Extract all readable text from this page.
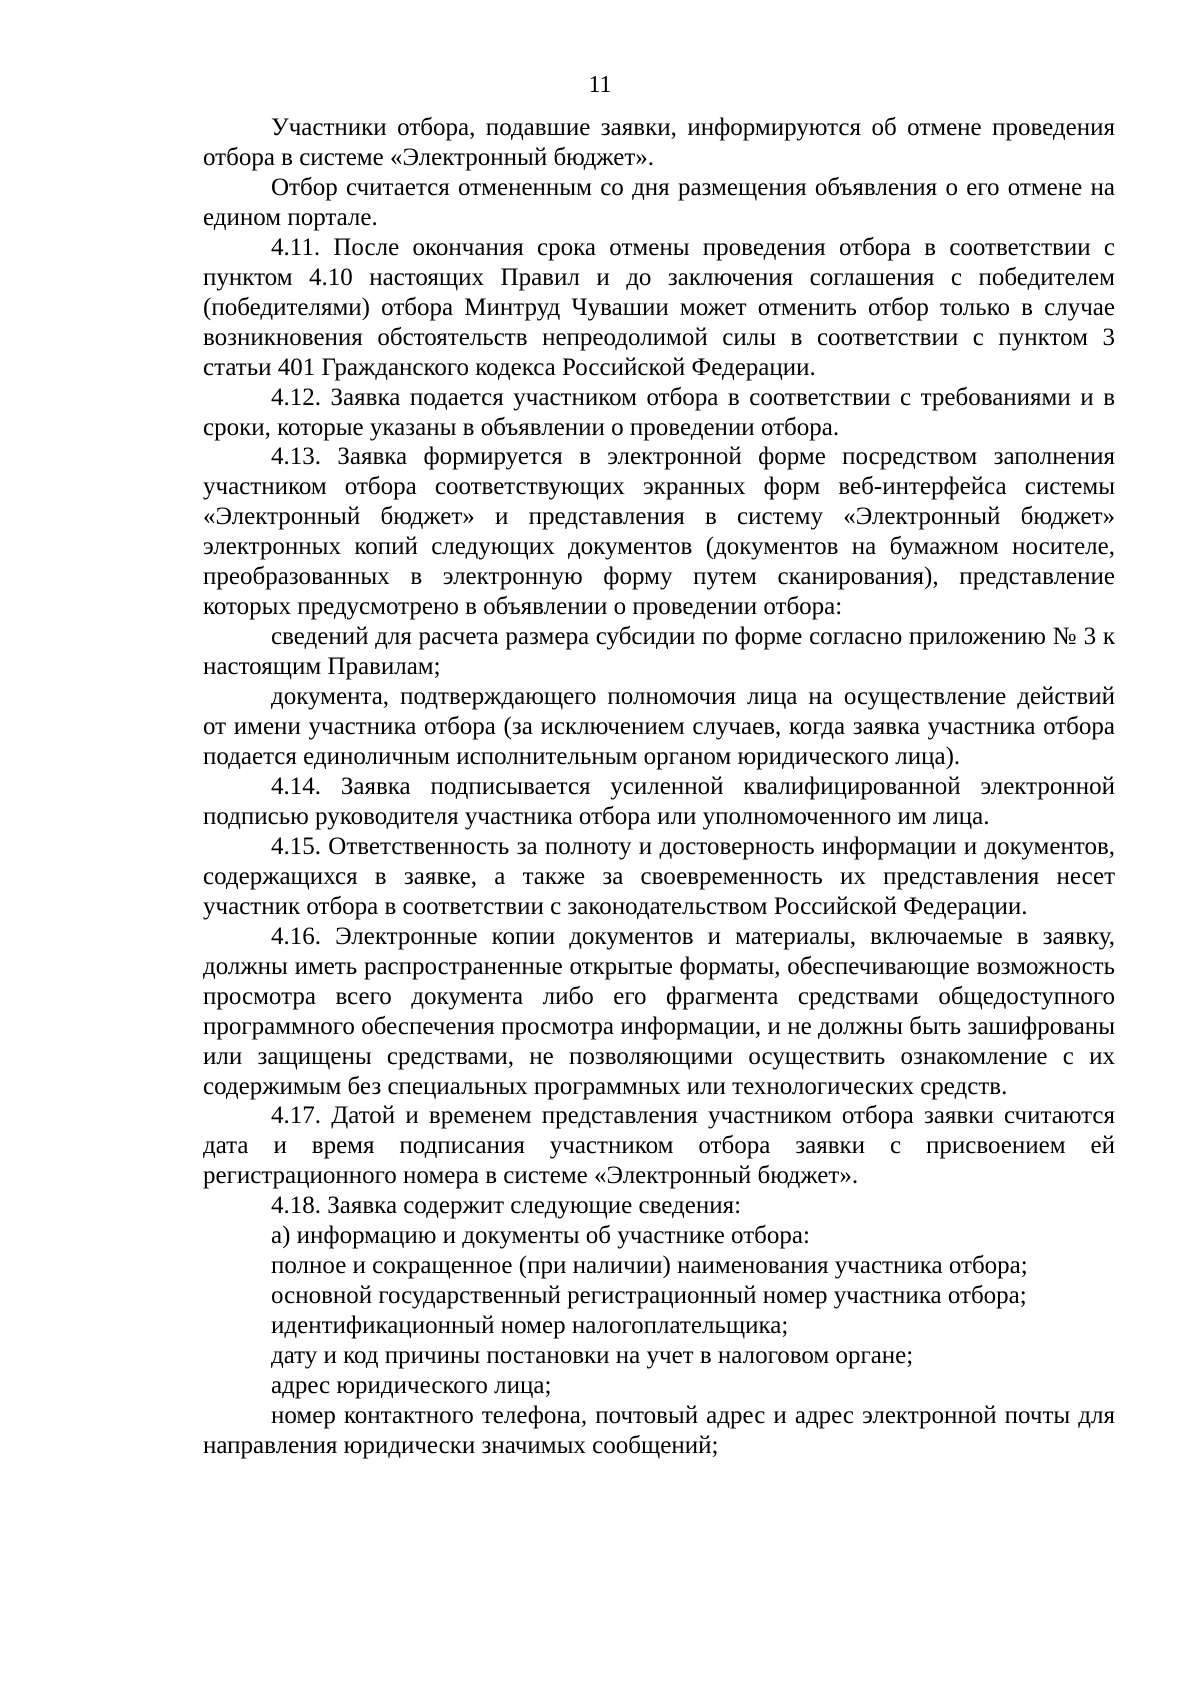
11

Участники отбора, подавшие заявки, информируются об отмене проведения отбора в системе «Электронный бюджет».

Отбор считается отмененным со дня размещения объявления о его отмене на едином портале.

4.11. После окончания срока отмены проведения отбора в соответствии с пунктом 4.10 настоящих Правил и до заключения соглашения с победителем (победителями) отбора Минтруд Чувашии может отменить отбор только в случае возникновения обстоятельств непреодолимой силы в соответствии с пунктом 3 статьи 401 Гражданского кодекса Российской Федерации.

4.12. Заявка подается участником отбора в соответствии с требованиями и в сроки, которые указаны в объявлении о проведении отбора.

4.13. Заявка формируется в электронной форме посредством заполнения участником отбора соответствующих экранных форм веб-интерфейса системы «Электронный бюджет» и представления в систему «Электронный бюджет» электронных копий следующих документов (документов на бумажном носителе, преобразованных в электронную форму путем сканирования), представление которых предусмотрено в объявлении о проведении отбора:

сведений для расчета размера субсидии по форме согласно приложению № 3 к настоящим Правилам;

документа, подтверждающего полномочия лица на осуществление действий от имени участника отбора (за исключением случаев, когда заявка участника отбора подается единоличным исполнительным органом юридического лица).

4.14. Заявка подписывается усиленной квалифицированной электронной подписью руководителя участника отбора или уполномоченного им лица.

4.15. Ответственность за полноту и достоверность информации и документов, содержащихся в заявке, а также за своевременность их представления несет участник отбора в соответствии с законодательством Российской Федерации.

4.16. Электронные копии документов и материалы, включаемые в заявку, должны иметь распространенные открытые форматы, обеспечивающие возможность просмотра всего документа либо его фрагмента средствами общедоступного программного обеспечения просмотра информации, и не должны быть зашифрованы или защищены средствами, не позволяющими осуществить ознакомление с их содержимым без специальных программных или технологических средств.

4.17. Датой и временем представления участником отбора заявки считаются дата и время подписания участником отбора заявки с присвоением ей регистрационного номера в системе «Электронный бюджет».

4.18. Заявка содержит следующие сведения:

а) информацию и документы об участнике отбора:

полное и сокращенное (при наличии) наименования участника отбора;

основной государственный регистрационный номер участника отбора;

идентификационный номер налогоплательщика;

дату и код причины постановки на учет в налоговом органе;

адрес юридического лица;

номер контактного телефона, почтовый адрес и адрес электронной почты для направления юридически значимых сообщений;
